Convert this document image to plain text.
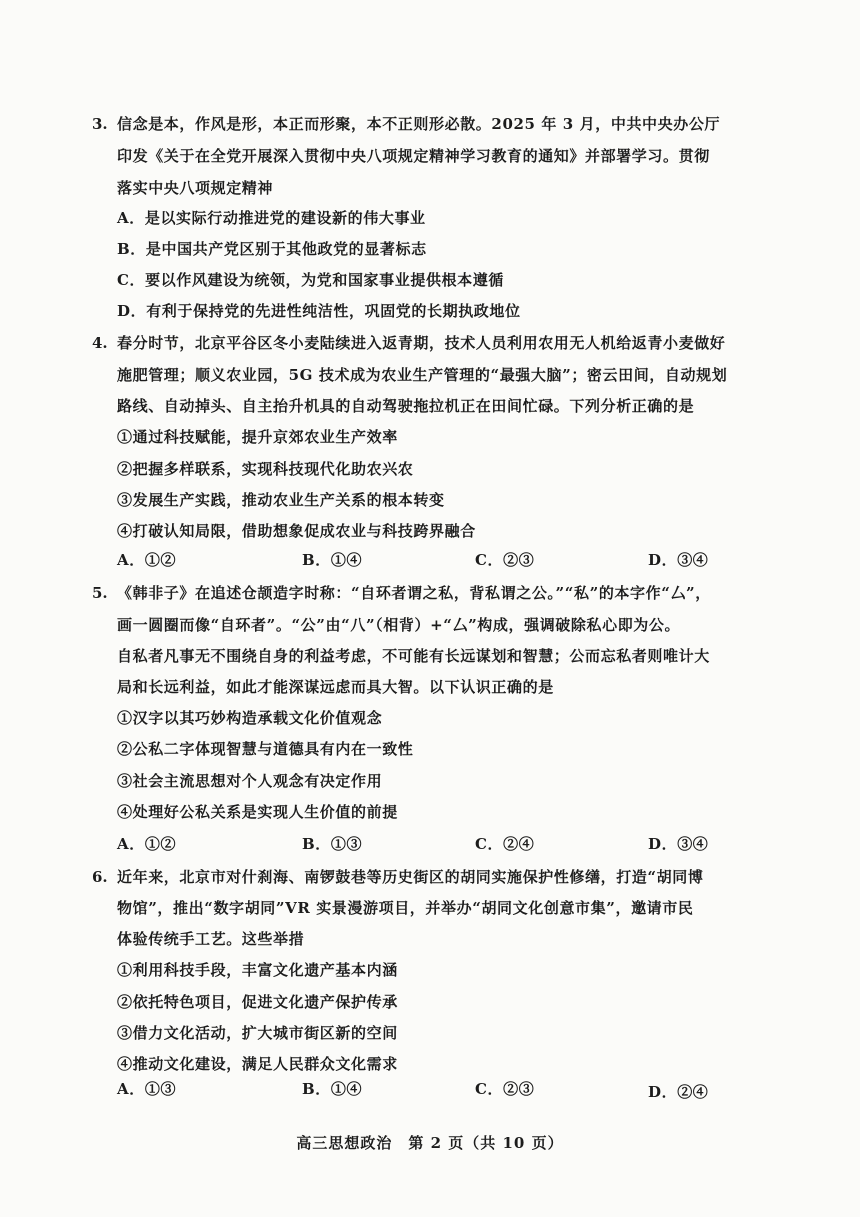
3. 信念是本，作风是形，本正而形聚，本不正则形必散。2025 年 3 月，中共中央办公厅
印发《关于在全党开展深入贯彻中央八项规定精神学习教育的通知》并部署学习。贯彻
落实中央八项规定精神
A．是以实际行动推进党的建设新的伟大事业
B．是中国共产党区别于其他政党的显著标志
C．要以作风建设为统领，为党和国家事业提供根本遵循
D．有利于保持党的先进性纯洁性，巩固党的长期执政地位
4. 春分时节，北京平谷区冬小麦陆续进入返青期，技术人员利用农用无人机给返青小麦做好
施肥管理；顺义农业园，5G 技术成为农业生产管理的“最强大脑”；密云田间，自动规划
路线、自动掉头、自主抬升机具的自动驾驶拖拉机正在田间忙碌。下列分析正确的是
①通过科技赋能，提升京郊农业生产效率
②把握多样联系，实现科技现代化助农兴农
③发展生产实践，推动农业生产关系的根本转变
④打破认知局限，借助想象促成农业与科技跨界融合
A．①②	B．①④	C．②③	D．③④
5. 《韩非子》在追述仓颉造字时称：“自环者谓之私，背私谓之公。”“私”的本字作“厶”，
画一圆圈而像“自环者”。“公”由“八”（相背）+“厶”构成，强调破除私心即为公。
自私者凡事无不围绕自身的利益考虑，不可能有长远谋划和智慧；公而忘私者则唯计大
局和长远利益，如此才能深谋远虑而具大智。以下认识正确的是
①汉字以其巧妙构造承载文化价值观念
②公私二字体现智慧与道德具有内在一致性
③社会主流思想对个人观念有决定作用
④处理好公私关系是实现人生价值的前提
A．①②	B．①③	C．②④	D．③④
6. 近年来，北京市对什刹海、南锣鼓巷等历史街区的胡同实施保护性修缮，打造“胡同博
物馆”，推出“数字胡同”VR 实景漫游项目，并举办“胡同文化创意市集”，邀请市民
体验传统手工艺。这些举措
①利用科技手段，丰富文化遗产基本内涵
②依托特色项目，促进文化遗产保护传承
③借力文化活动，扩大城市街区新的空间
④推动文化建设，满足人民群众文化需求
A．①③	B．①④	C．②③	D．②④
高三思想政治　第 2 页（共 10 页）
